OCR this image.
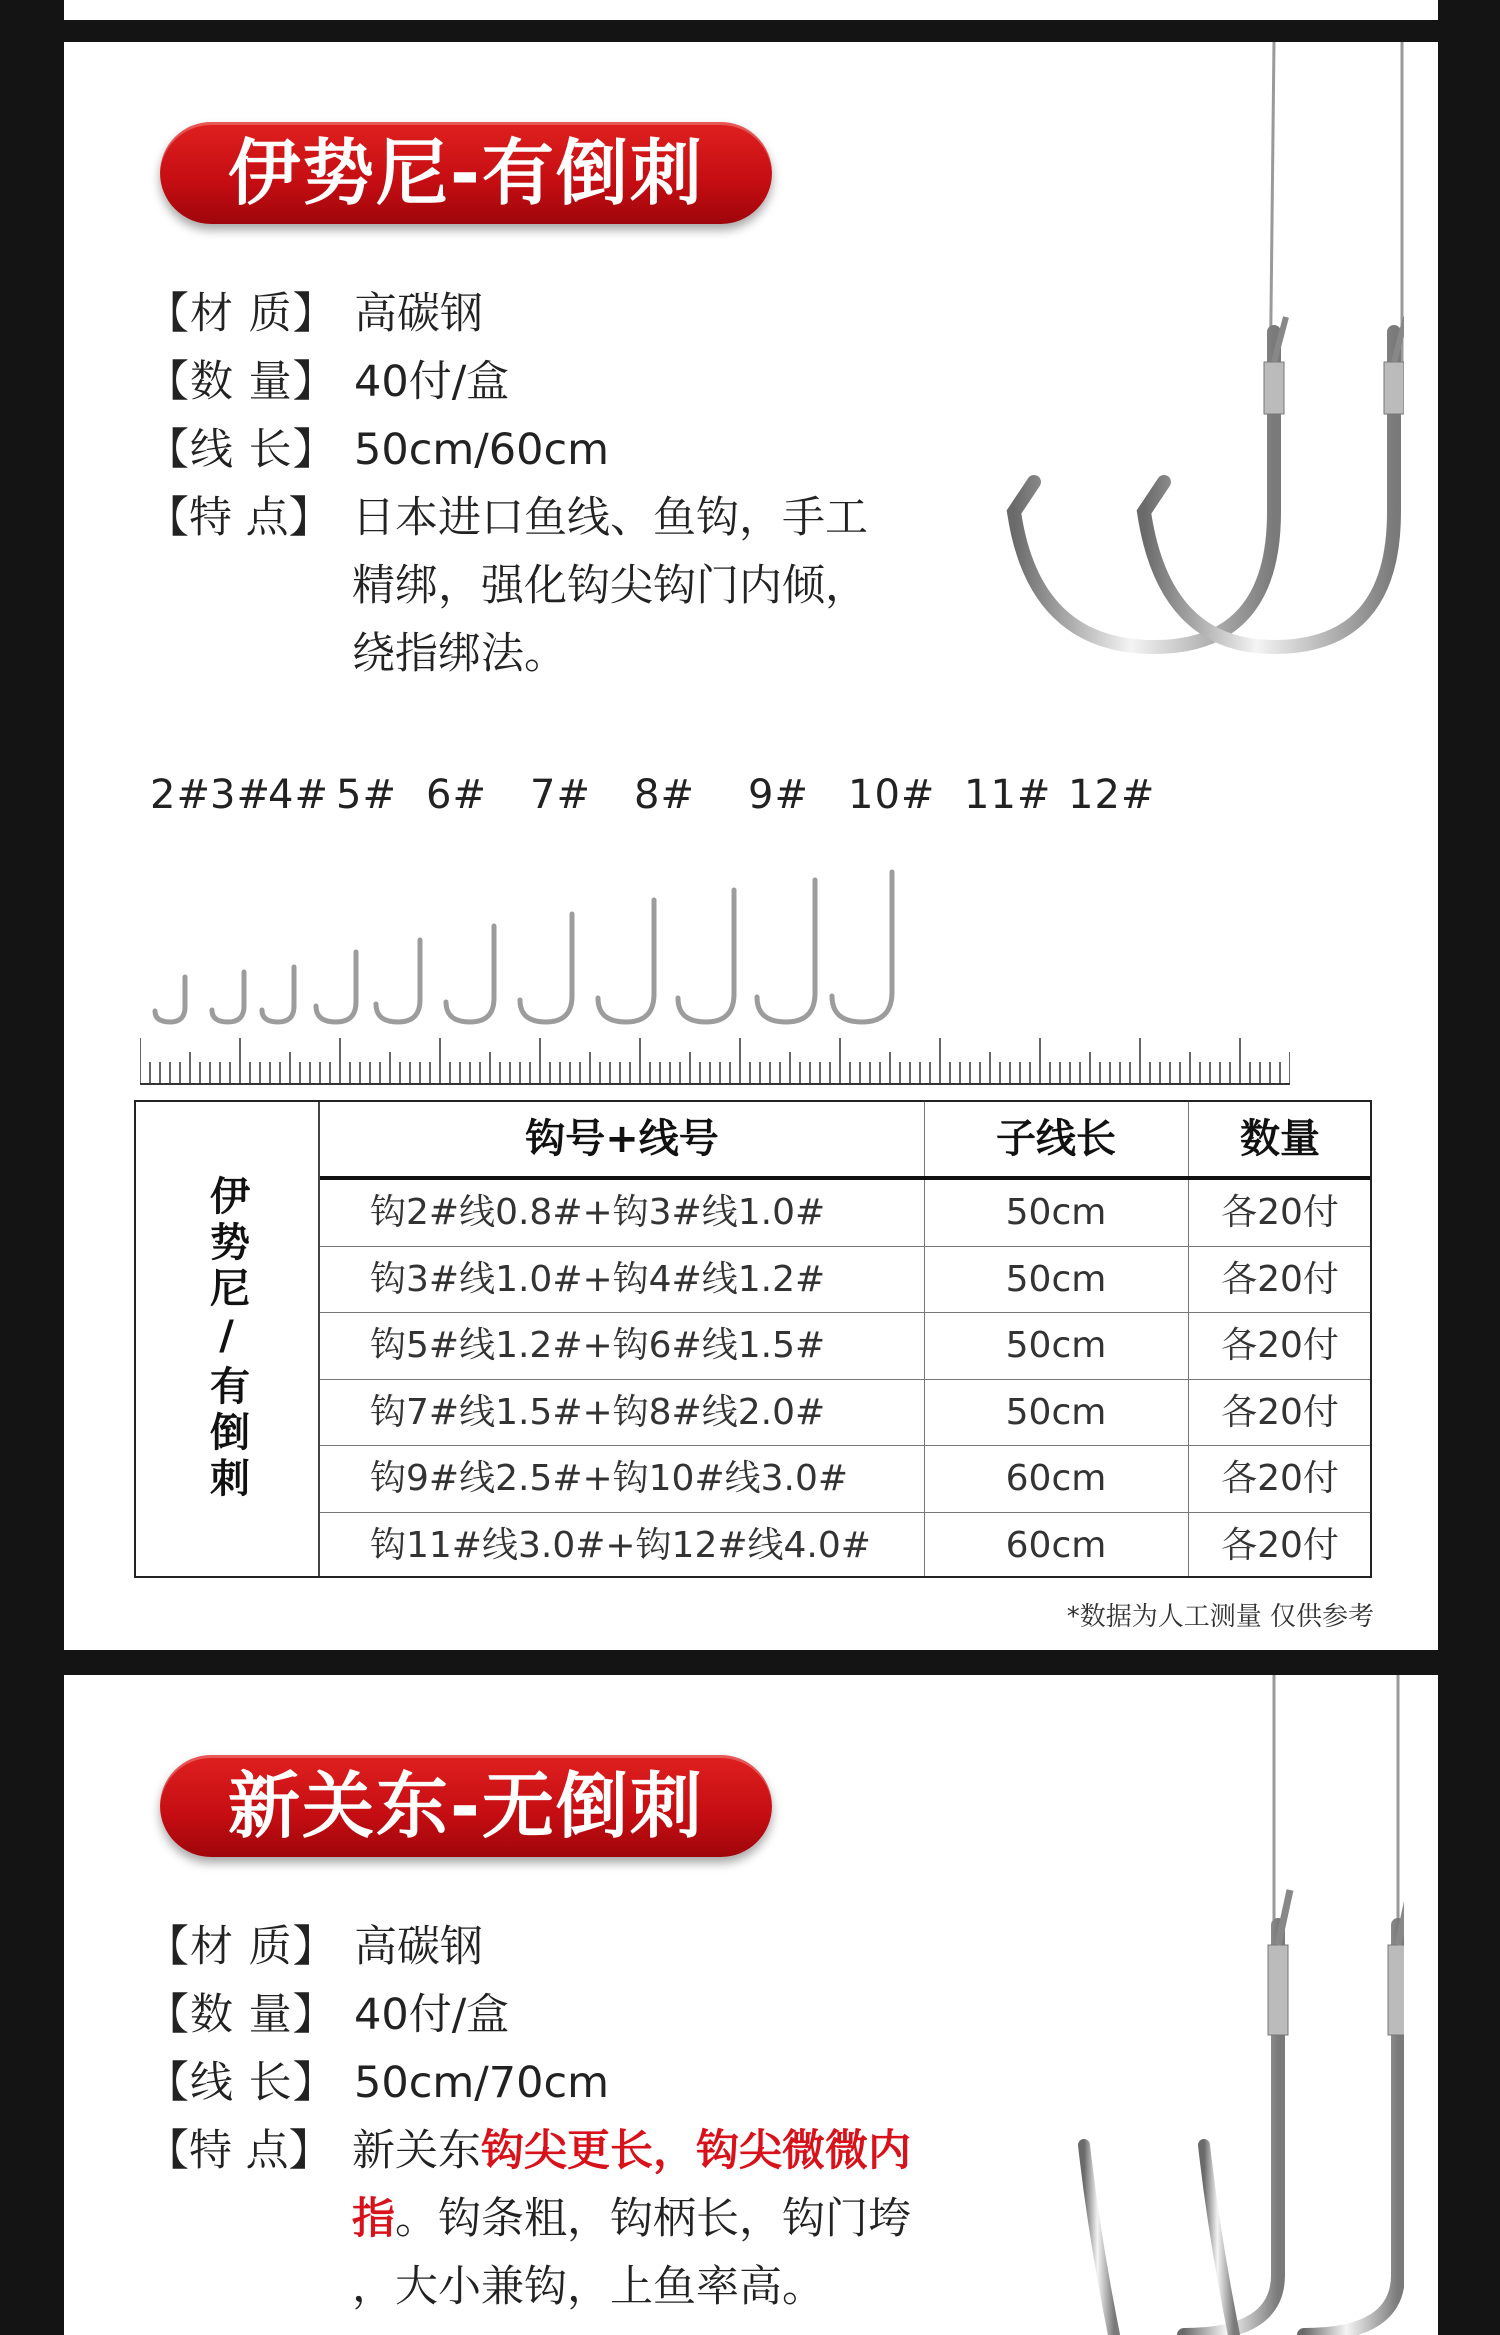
伊势尼-有倒刺
【材 质】 高碳钢
【数 量】 40付/盒
【线 长】 50cm/60cm
【特 点】 日本进口鱼线、鱼钩，手工
精绑，强化钩尖钩门内倾，
绕指绑法。
2# 3#
4# 5# 6# 7# 8# 9# 10# 11# 12#
伊势尼/有倒刺
钩号+线号	子线长	数量
钩2#线0.8#+钩3#线1.0#	50cm	各20付
钩3#线1.0#+钩4#线1.2#	50cm	各20付
钩5#线1.2#+钩6#线1.5#	50cm	各20付
钩7#线1.5#+钩8#线2.0#	50cm	各20付
钩9#线2.5#+钩10#线3.0#	60cm	各20付
钩11#线3.0#+钩12#线4.0#	60cm	各20付
*数据为人工测量 仅供参考
新关东-无倒刺
【材 质】 高碳钢
【数 量】 40付/盒
【线 长】 50cm/70cm
【特 点】 新关东钩尖更长，钩尖微微内
指。钩条粗，钩柄长，钩门垮
，大小兼钩，上鱼率高。
